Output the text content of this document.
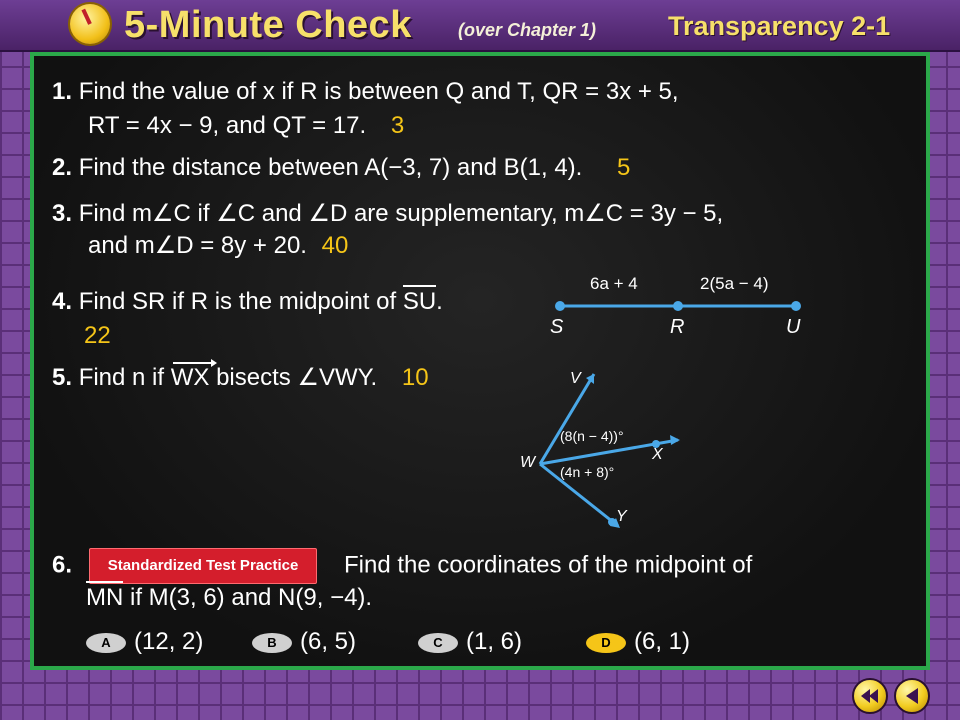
5-Minute Check	(over Chapter 1)	Transparency 2-1
1. Find the value of x if R is between Q and T, QR = 3x + 5,
RT = 4x − 9, and QT = 17. 3
2. Find the distance between A(−3, 7) and B(1, 4). 5
3. Find m∠C if ∠C and ∠D are supplementary, m∠C = 3y − 5,
and m∠D = 8y + 20. 40
4. Find SR if R is the midpoint of SU.
22
6a + 4	2(5a − 4)
S	R	U
5. Find n if WX bisects ∠VWY. 10	V
W	X
Y
(8(n − 4))°
(4n + 8)°
6. Standardized Test Practice Find the coordinates of the midpoint of
MN if M(3, 6) and N(9, −4).
A (12, 2)	B (6, 5)	C (1, 6)	D (6, 1)
